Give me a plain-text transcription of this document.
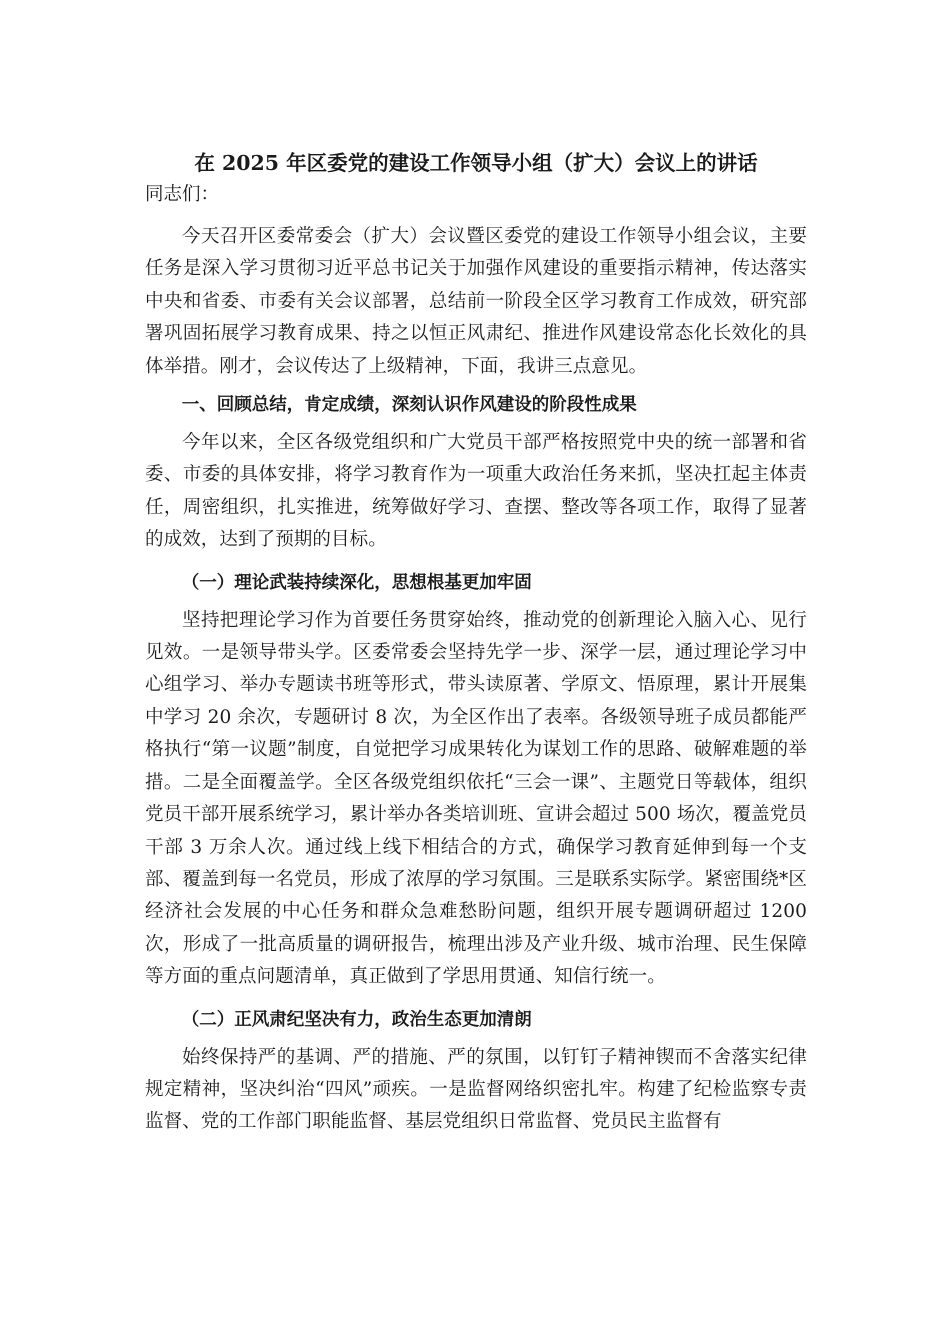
在 2025 年区委党的建设工作领导小组（扩大）会议上的讲话

同志们：

今天召开区委常委会（扩大）会议暨区委党的建设工作领导小组会议，主要任务是深入学习贯彻习近平总书记关于加强作风建设的重要指示精神，传达落实中央和省委、市委有关会议部署，总结前一阶段全区学习教育工作成效，研究部署巩固拓展学习教育成果、持之以恒正风肃纪、推进作风建设常态化长效化的具体举措。刚才，会议传达了上级精神，下面，我讲三点意见。

一、回顾总结，肯定成绩，深刻认识作风建设的阶段性成果

今年以来，全区各级党组织和广大党员干部严格按照党中央的统一部署和省委、市委的具体安排，将学习教育作为一项重大政治任务来抓，坚决扛起主体责任，周密组织，扎实推进，统筹做好学习、查摆、整改等各项工作，取得了显著的成效，达到了预期的目标。

（一）理论武装持续深化，思想根基更加牢固

坚持把理论学习作为首要任务贯穿始终，推动党的创新理论入脑入心、见行见效。一是领导带头学。区委常委会坚持先学一步、深学一层，通过理论学习中心组学习、举办专题读书班等形式，带头读原著、学原文、悟原理，累计开展集中学习 20 余次，专题研讨 8 次，为全区作出了表率。各级领导班子成员都能严格执行“第一议题”制度，自觉把学习成果转化为谋划工作的思路、破解难题的举措。二是全面覆盖学。全区各级党组织依托“三会一课”、主题党日等载体，组织党员干部开展系统学习，累计举办各类培训班、宣讲会超过 500 场次，覆盖党员干部 3 万余人次。通过线上线下相结合的方式，确保学习教育延伸到每一个支部、覆盖到每一名党员，形成了浓厚的学习氛围。三是联系实际学。紧密围绕*区经济社会发展的中心任务和群众急难愁盼问题，组织开展专题调研超过 1200 次，形成了一批高质量的调研报告，梳理出涉及产业升级、城市治理、民生保障等方面的重点问题清单，真正做到了学思用贯通、知信行统一。

（二）正风肃纪坚决有力，政治生态更加清朗

始终保持严的基调、严的措施、严的氛围，以钉钉子精神锲而不舍落实纪律规定精神，坚决纠治“四风”顽疾。一是监督网络织密扎牢。构建了纪检监察专责监督、党的工作部门职能监督、基层党组织日常监督、党员民主监督有
